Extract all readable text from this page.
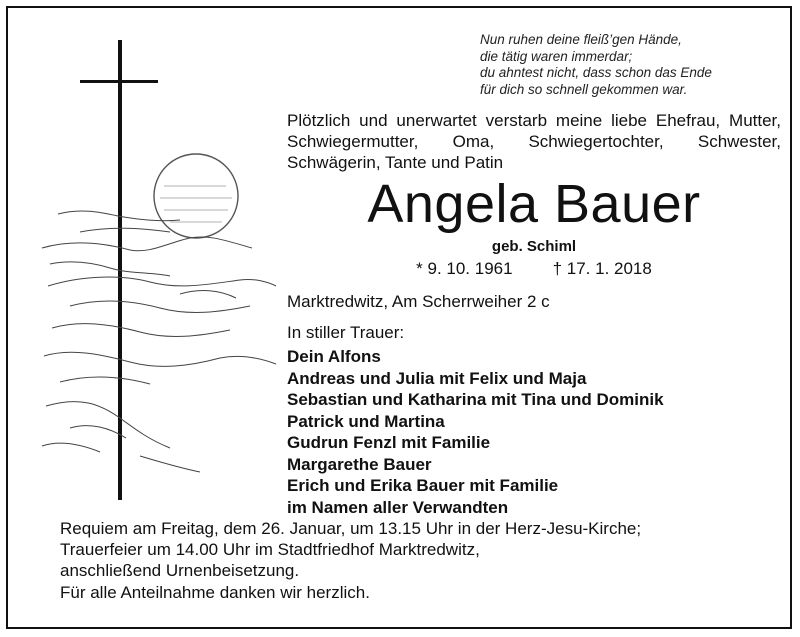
Nun ruhen deine fleiß’gen Hände,
die tätig waren immerdar;
du ahntest nicht, dass schon das Ende
für dich so schnell gekommen war.
Plötzlich und unerwartet verstarb meine liebe Ehefrau, Mutter, Schwiegermutter, Oma, Schwiegertochter, Schwester, Schwägerin, Tante und Patin
Angela Bauer
geb. Schiml
* 9. 10. 1961 † 17. 1. 2018
Marktredwitz, Am Scherrweiher 2 c
In stiller Trauer:
Dein Alfons
Andreas und Julia mit Felix und Maja
Sebastian und Katharina mit Tina und Dominik
Patrick und Martina
Gudrun Fenzl mit Familie
Margarethe Bauer
Erich und Erika Bauer mit Familie
im Namen aller Verwandten
Requiem am Freitag, dem 26. Januar, um 13.15 Uhr in der Herz-Jesu-Kirche;
Trauerfeier um 14.00 Uhr im Stadtfriedhof Marktredwitz,
anschließend Urnenbeisetzung.
Für alle Anteilnahme danken wir herzlich.
